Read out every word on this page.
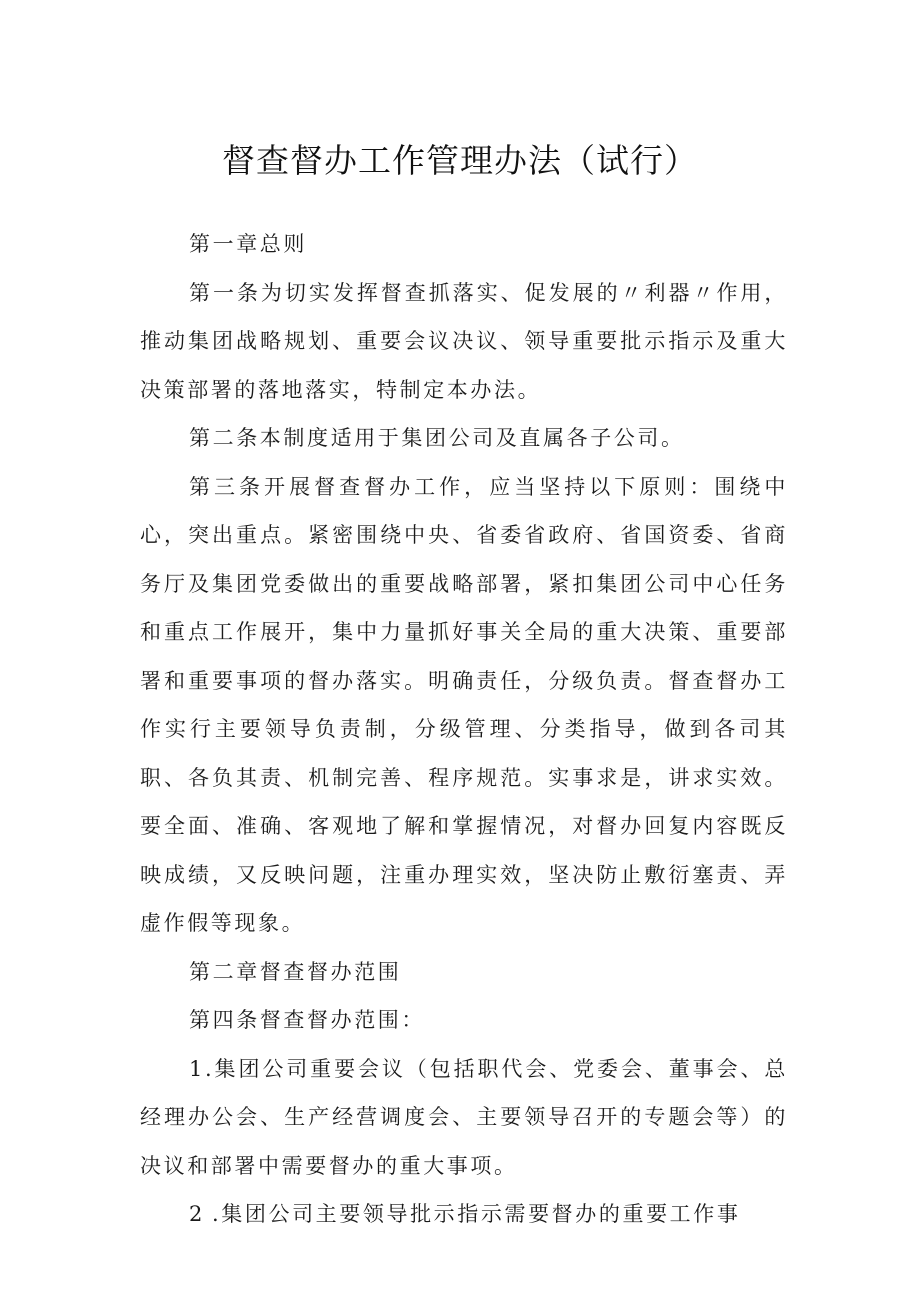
督查督办工作管理办法（试行）

第一章总则

第一条为切实发挥督查抓落实、促发展的〃利器〃作用，推动集团战略规划、重要会议决议、领导重要批示指示及重大决策部署的落地落实，特制定本办法。

第二条本制度适用于集团公司及直属各子公司。

第三条开展督查督办工作，应当坚持以下原则：围绕中心，突出重点。紧密围绕中央、省委省政府、省国资委、省商务厅及集团党委做出的重要战略部署，紧扣集团公司中心任务和重点工作展开，集中力量抓好事关全局的重大决策、重要部署和重要事项的督办落实。明确责任，分级负责。督查督办工作实行主要领导负责制，分级管理、分类指导，做到各司其职、各负其责、机制完善、程序规范。实事求是，讲求实效。要全面、准确、客观地了解和掌握情况，对督办回复内容既反映成绩，又反映问题，注重办理实效，坚决防止敷衍塞责、弄虚作假等现象。

第二章督查督办范围

第四条督查督办范围：

1.集团公司重要会议（包括职代会、党委会、董事会、总经理办公会、生产经营调度会、主要领导召开的专题会等）的决议和部署中需要督办的重大事项。

2 .集团公司主要领导批示指示需要督办的重要工作事
